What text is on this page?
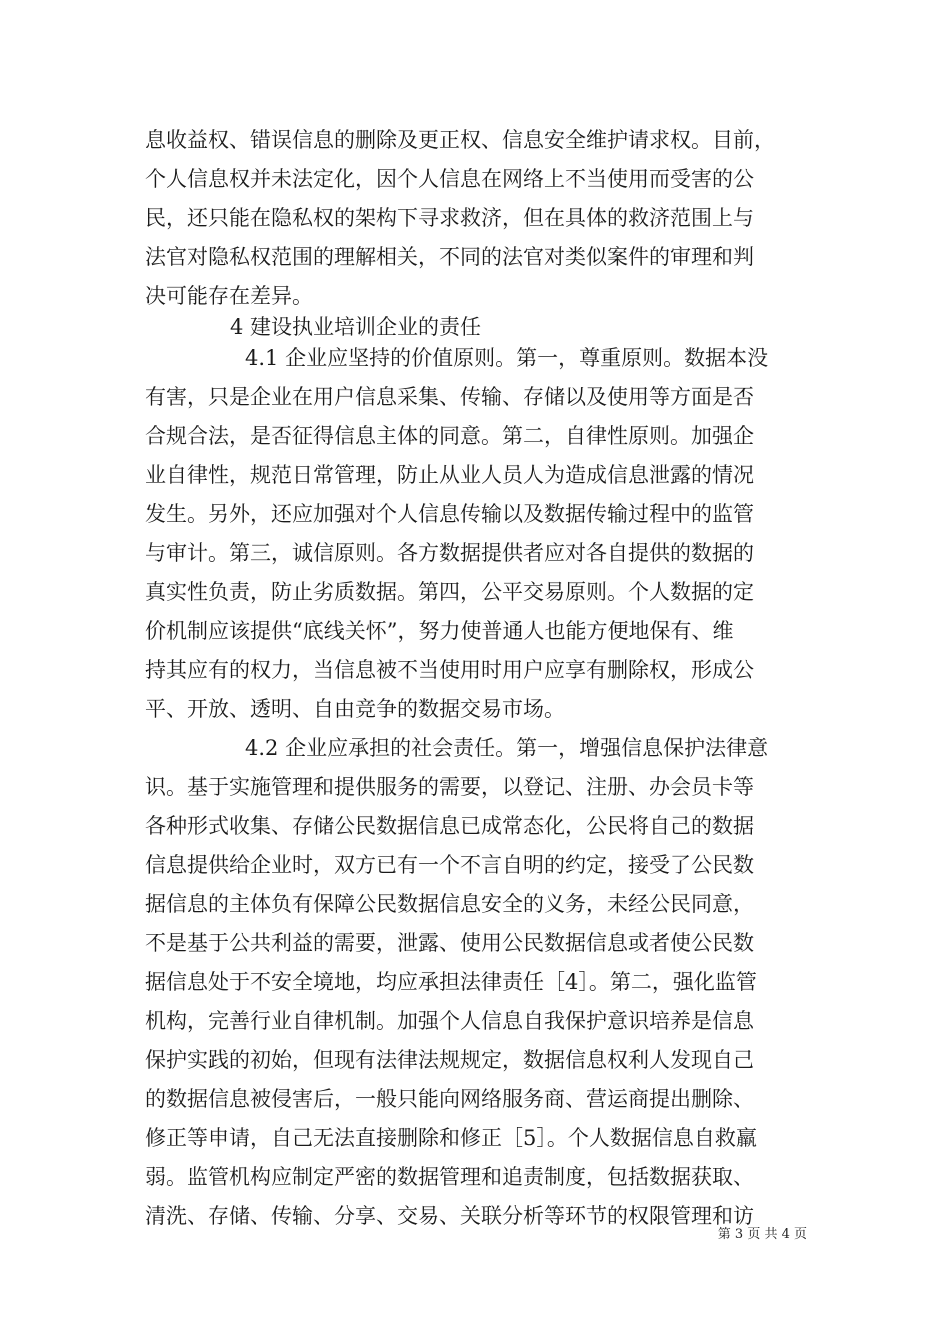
息收益权、错误信息的删除及更正权、信息安全维护请求权。目前，
个人信息权并未法定化，因个人信息在网络上不当使用而受害的公
民，还只能在隐私权的架构下寻求救济，但在具体的救济范围上与
法官对隐私权范围的理解相关，不同的法官对类似案件的审理和判
决可能存在差异。
4 建设执业培训企业的责任
4.1 企业应坚持的价值原则。第一，尊重原则。数据本没
有害，只是企业在用户信息采集、传输、存储以及使用等方面是否
合规合法，是否征得信息主体的同意。第二，自律性原则。加强企
业自律性，规范日常管理，防止从业人员人为造成信息泄露的情况
发生。另外，还应加强对个人信息传输以及数据传输过程中的监管
与审计。第三，诚信原则。各方数据提供者应对各自提供的数据的
真实性负责，防止劣质数据。第四，公平交易原则。个人数据的定
价机制应该提供“底线关怀”，努力使普通人也能方便地保有、维
持其应有的权力，当信息被不当使用时用户应享有删除权，形成公
平、开放、透明、自由竞争的数据交易市场。
4.2 企业应承担的社会责任。第一，增强信息保护法律意
识。基于实施管理和提供服务的需要，以登记、注册、办会员卡等
各种形式收集、存储公民数据信息已成常态化，公民将自己的数据
信息提供给企业时，双方已有一个不言自明的约定，接受了公民数
据信息的主体负有保障公民数据信息安全的义务，未经公民同意，
不是基于公共利益的需要，泄露、使用公民数据信息或者使公民数
据信息处于不安全境地，均应承担法律责任［4］。第二，强化监管
机构，完善行业自律机制。加强个人信息自我保护意识培养是信息
保护实践的初始，但现有法律法规规定，数据信息权利人发现自己
的数据信息被侵害后，一般只能向网络服务商、营运商提出删除、
修正等申请，自己无法直接删除和修正［5］。个人数据信息自救羸
弱。监管机构应制定严密的数据管理和追责制度，包括数据获取、
清洗、存储、传输、分享、交易、关联分析等环节的权限管理和访
第 3 页 共 4 页
